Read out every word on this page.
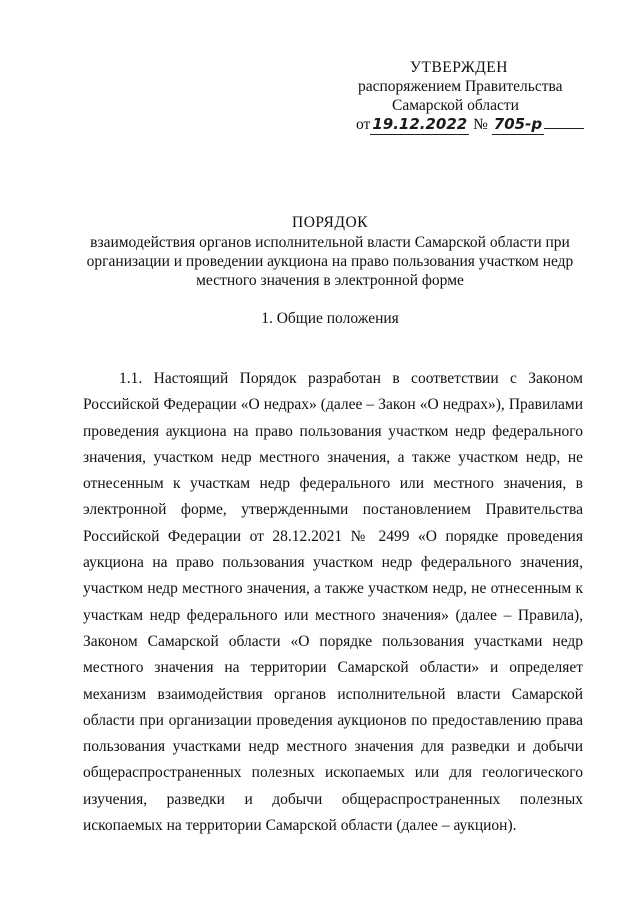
УТВЕРЖДЕН
распоряжением Правительства
Самарской области
от 19.12.2022 № 705-р
ПОРЯДОК
взаимодействия органов исполнительной власти Самарской области при организации и проведении аукциона на право пользования участком недр местного значения в электронной форме
1. Общие положения

1.1. Настоящий Порядок разработан в соответствии с Законом Российской Федерации «О недрах» (далее – Закон «О недрах»), Правилами проведения аукциона на право пользования участком недр федерального значения, участком недр местного значения, а также участком недр, не отнесенным к участкам недр федерального или местного значения, в электронной форме, утвержденными постановлением Правительства Российской Федерации от 28.12.2021 № 2499 «О порядке проведения аукциона на право пользования участком недр федерального значения, участком недр местного значения, а также участком недр, не отнесенным к участкам недр федерального или местного значения» (далее – Правила), Законом Самарской области «О порядке пользования участками недр местного значения на территории Самарской области» и определяет механизм взаимодействия органов исполнительной власти Самарской области при организации проведения аукционов по предоставлению права пользования участками недр местного значения для разведки и добычи общераспространенных полезных ископаемых или для геологического изучения, разведки и добычи общераспространенных полезных ископаемых на территории Самарской области (далее – аукцион).
